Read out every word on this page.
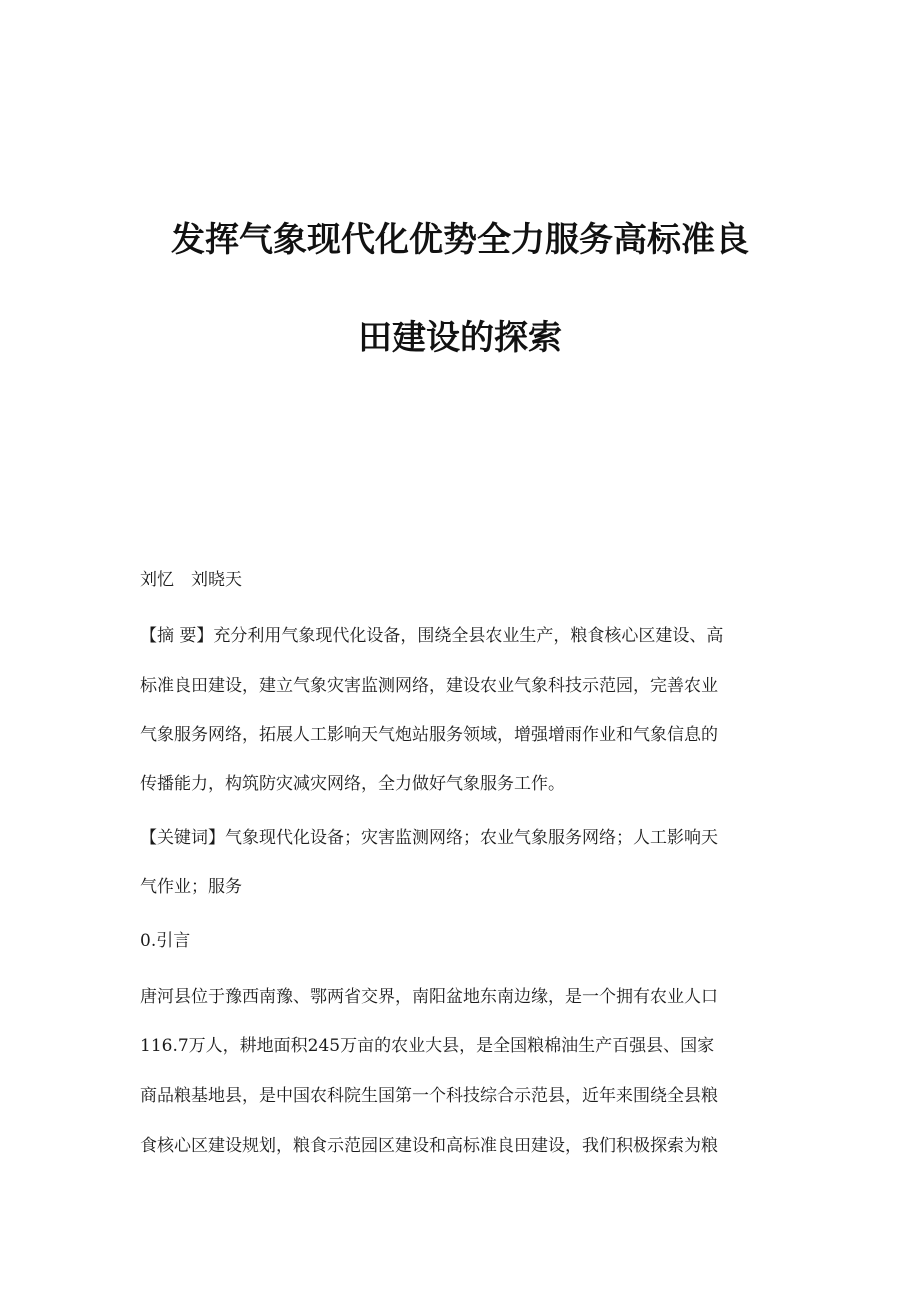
发挥气象现代化优势全力服务高标准良
田建设的探索
刘忆　刘晓天
【摘 要】充分利用气象现代化设备，围绕全县农业生产，粮食核心区建设、高
标准良田建设，建立气象灾害监测网络，建设农业气象科技示范园，完善农业
气象服务网络，拓展人工影响天气炮站服务领域，增强增雨作业和气象信息的
传播能力，构筑防灾减灾网络，全力做好气象服务工作。
【关键词】气象现代化设备；灾害监测网络；农业气象服务网络；人工影响天
气作业；服务
0.引言
唐河县位于豫西南豫、鄂两省交界，南阳盆地东南边缘，是一个拥有农业人口
116.7万人，耕地面积245万亩的农业大县，是全国粮棉油生产百强县、国家
商品粮基地县，是中国农科院生国第一个科技综合示范县，近年来围绕全县粮
食核心区建设规划，粮食示范园区建设和高标准良田建设，我们积极探索为粮
